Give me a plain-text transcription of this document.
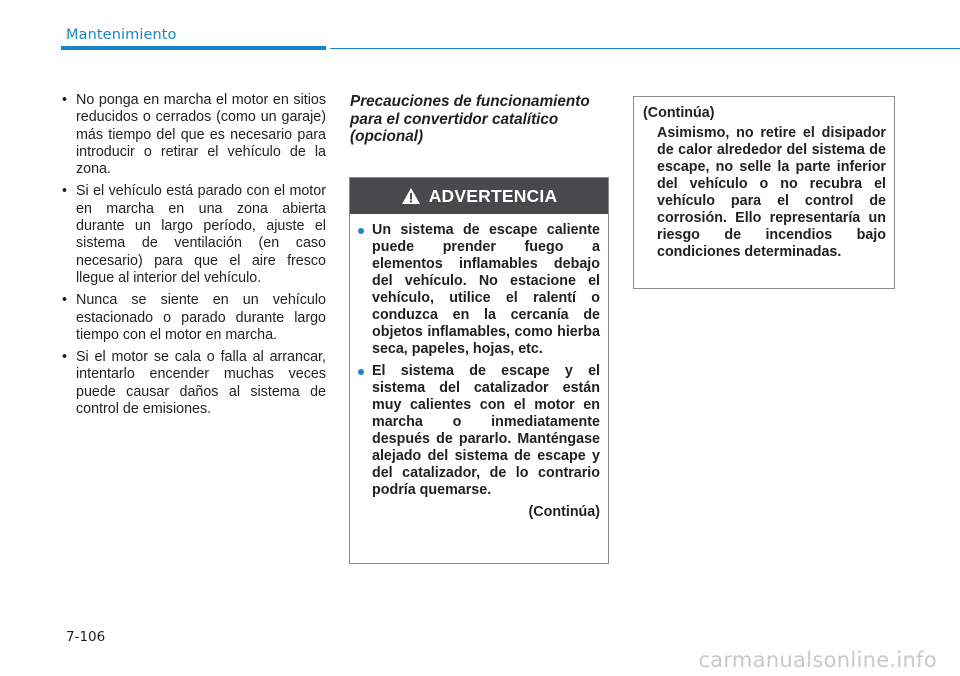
Mantenimiento
• No ponga en marcha el motor en sitios reducidos o cerrados (como un garaje) más tiempo del que es necesario para introducir o retirar el vehículo de la zona.
• Si el vehículo está parado con el motor en marcha en una zona abierta durante un largo período, ajuste el sistema de ventilación (en caso necesario) para que el aire fresco llegue al interior del vehículo.
• Nunca se siente en un vehículo estacionado o parado durante largo tiempo con el motor en marcha.
• Si el motor se cala o falla al arrancar, intentarlo encender muchas veces puede causar daños al sistema de control de emisiones.
Precauciones de funcionamiento para el convertidor catalítico (opcional)
ADVERTENCIA
Un sistema de escape caliente puede prender fuego a elementos inflamables debajo del vehículo. No estacione el vehículo, utilice el ralentí o conduzca en la cercanía de objetos inflamables, como hierba seca, papeles, hojas, etc.
El sistema de escape y el sistema del catalizador están muy calientes con el motor en marcha o inmediatamente después de pararlo. Manténgase alejado del sistema de escape y del catalizador, de lo contrario podría quemarse.
(Continúa)
(Continúa)
Asimismo, no retire el disipador de calor alrededor del sistema de escape, no selle la parte inferior del vehículo o no recubra el vehículo para el control de corrosión. Ello representaría un riesgo de incendios bajo condiciones determinadas.
7-106
carmanualsonline.info
